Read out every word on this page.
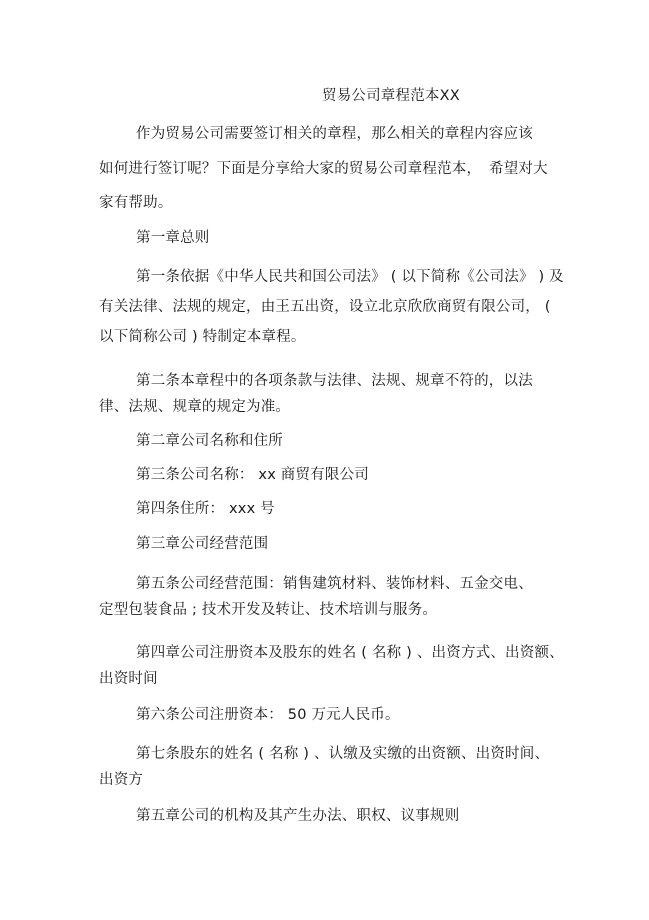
贸易公司章程范本XX
作为贸易公司需要签订相关的章程，那么相关的章程内容应该
如何进行签订呢？下面是分享给大家的贸易公司章程范本， 希望对大
家有帮助。
第一章总则
第一条依据《中华人民共和国公司法》 ( 以下简称《公司法》 ) 及
有关法律、法规的规定，由王五出资，设立北京欣欣商贸有限公司， (
以下简称公司 ) 特制定本章程。
第二条本章程中的各项条款与法律、法规、规章不符的，以法
律、法规、规章的规定为准。
第二章公司名称和住所
第三条公司名称： xx 商贸有限公司
第四条住所： xxx 号
第三章公司经营范围
第五条公司经营范围：销售建筑材料、装饰材料、五金交电、
定型包装食品 ; 技术开发及转让、技术培训与服务。
第四章公司注册资本及股东的姓名 ( 名称 ) 、出资方式、出资额、
出资时间
第六条公司注册资本： 50 万元人民币。
第七条股东的姓名 ( 名称 ) 、认缴及实缴的出资额、出资时间、
出资方
第五章公司的机构及其产生办法、职权、议事规则
